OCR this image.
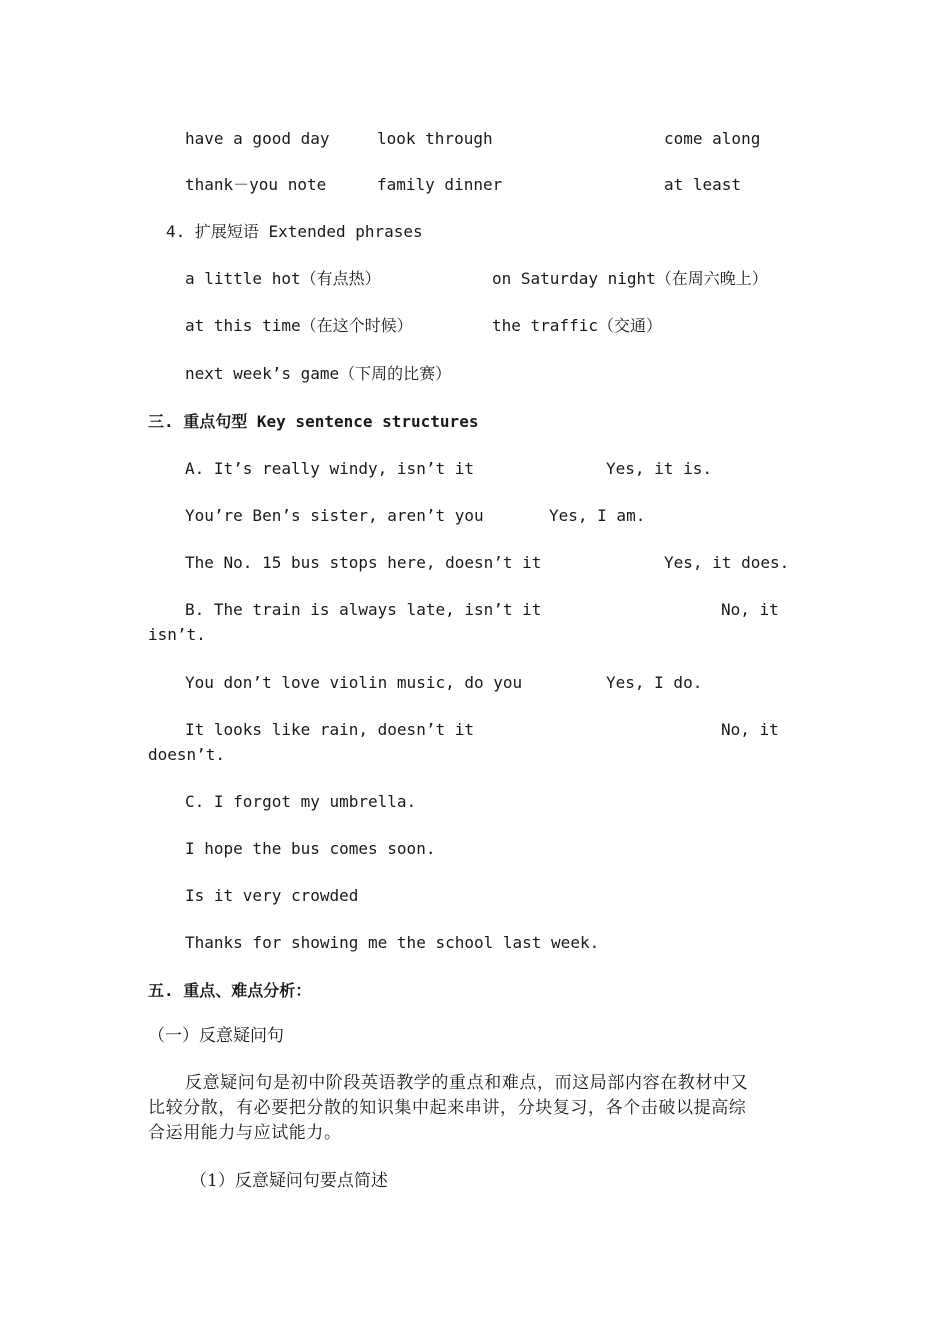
have a good day	look through	come along
thank－you note	family dinner	at least
4. 扩展短语 Extended phrases
a little hot（有点热）	on Saturday night（在周六晚上）
at this time（在这个时候）	the traffic（交通）
next week’s game（下周的比赛）
三. 重点句型 Key sentence structures
A. It’s really windy, isn’t it	Yes, it is.
You’re Ben’s sister, aren’t you	Yes, I am.
The No. 15 bus stops here, doesn’t it	Yes, it does.
B. The train is always late, isn’t it	No, it
isn’t.
You don’t love violin music, do you	Yes, I do.
It looks like rain, doesn’t it	No, it
doesn’t.
C. I forgot my umbrella.
I hope the bus comes soon.
Is it very crowded
Thanks for showing me the school last week.
五. 重点、难点分析：
（一）反意疑问句
反意疑问句是初中阶段英语教学的重点和难点，而这局部内容在教材中又
比较分散，有必要把分散的知识集中起来串讲，分块复习，各个击破以提高综
合运用能力与应试能力。
（1）反意疑问句要点简述
